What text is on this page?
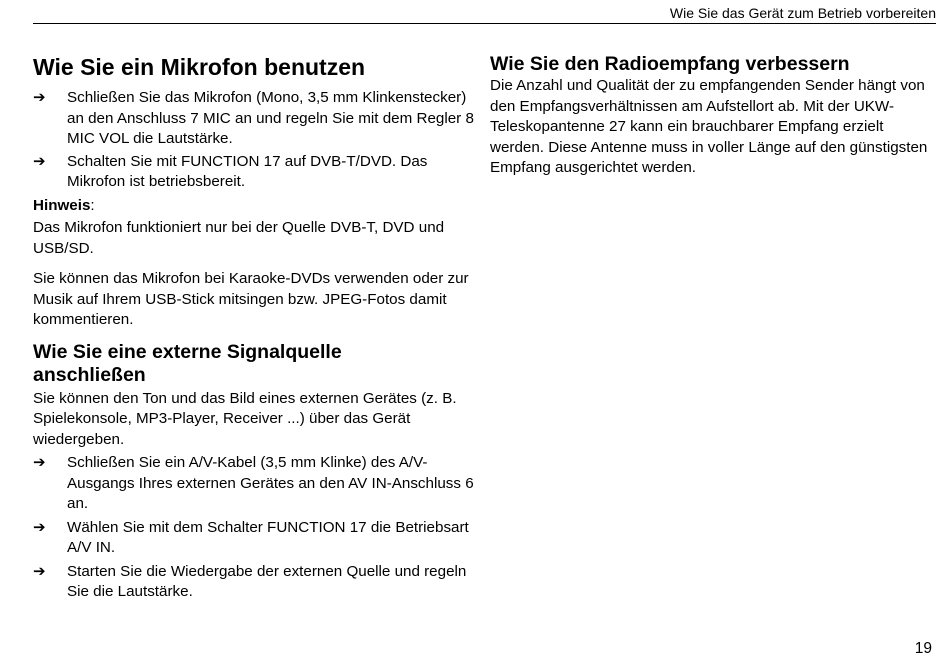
Wie Sie das Gerät zum Betrieb vorbereiten
Wie Sie ein Mikrofon benutzen
➔	Schließen Sie das Mikrofon (Mono, 3,5 mm Klinkenstecker) an den Anschluss 7 MIC an und regeln Sie mit dem Regler 8 MIC VOL die Lautstärke.
➔	Schalten Sie mit FUNCTION 17 auf DVB-T/DVD. Das Mikrofon ist betriebsbereit.

Hinweis:

Das Mikrofon funktioniert nur bei der Quelle DVB-T, DVD und USB/SD.

Sie können das Mikrofon bei Karaoke-DVDs verwenden oder zur Musik auf Ihrem USB-Stick mitsingen bzw. JPEG-Fotos damit kommentieren.

Wie Sie eine externe Signalquelle
anschließen

Sie können den Ton und das Bild eines externen Gerätes (z. B. Spielekonsole, MP3-Player, Receiver ...) über das Gerät wiedergeben.

➔	Schließen Sie ein A/V-Kabel (3,5 mm Klinke) des A/V-Ausgangs Ihres externen Gerätes an den AV IN-Anschluss 6 an.
➔	Wählen Sie mit dem Schalter FUNCTION 17 die Betriebsart A/V IN.
➔	Starten Sie die Wiedergabe der externen Quelle und regeln Sie die Lautstärke.
Wie Sie den Radioempfang verbessern

Die Anzahl und Qualität der zu empfangenden Sender hängt von den Empfangsverhältnissen am Aufstellort ab. Mit der UKW-Teleskopantenne 27 kann ein brauchbarer Empfang erzielt werden. Diese Antenne muss in voller Länge auf den günstigsten Empfang ausgerichtet werden.

19
